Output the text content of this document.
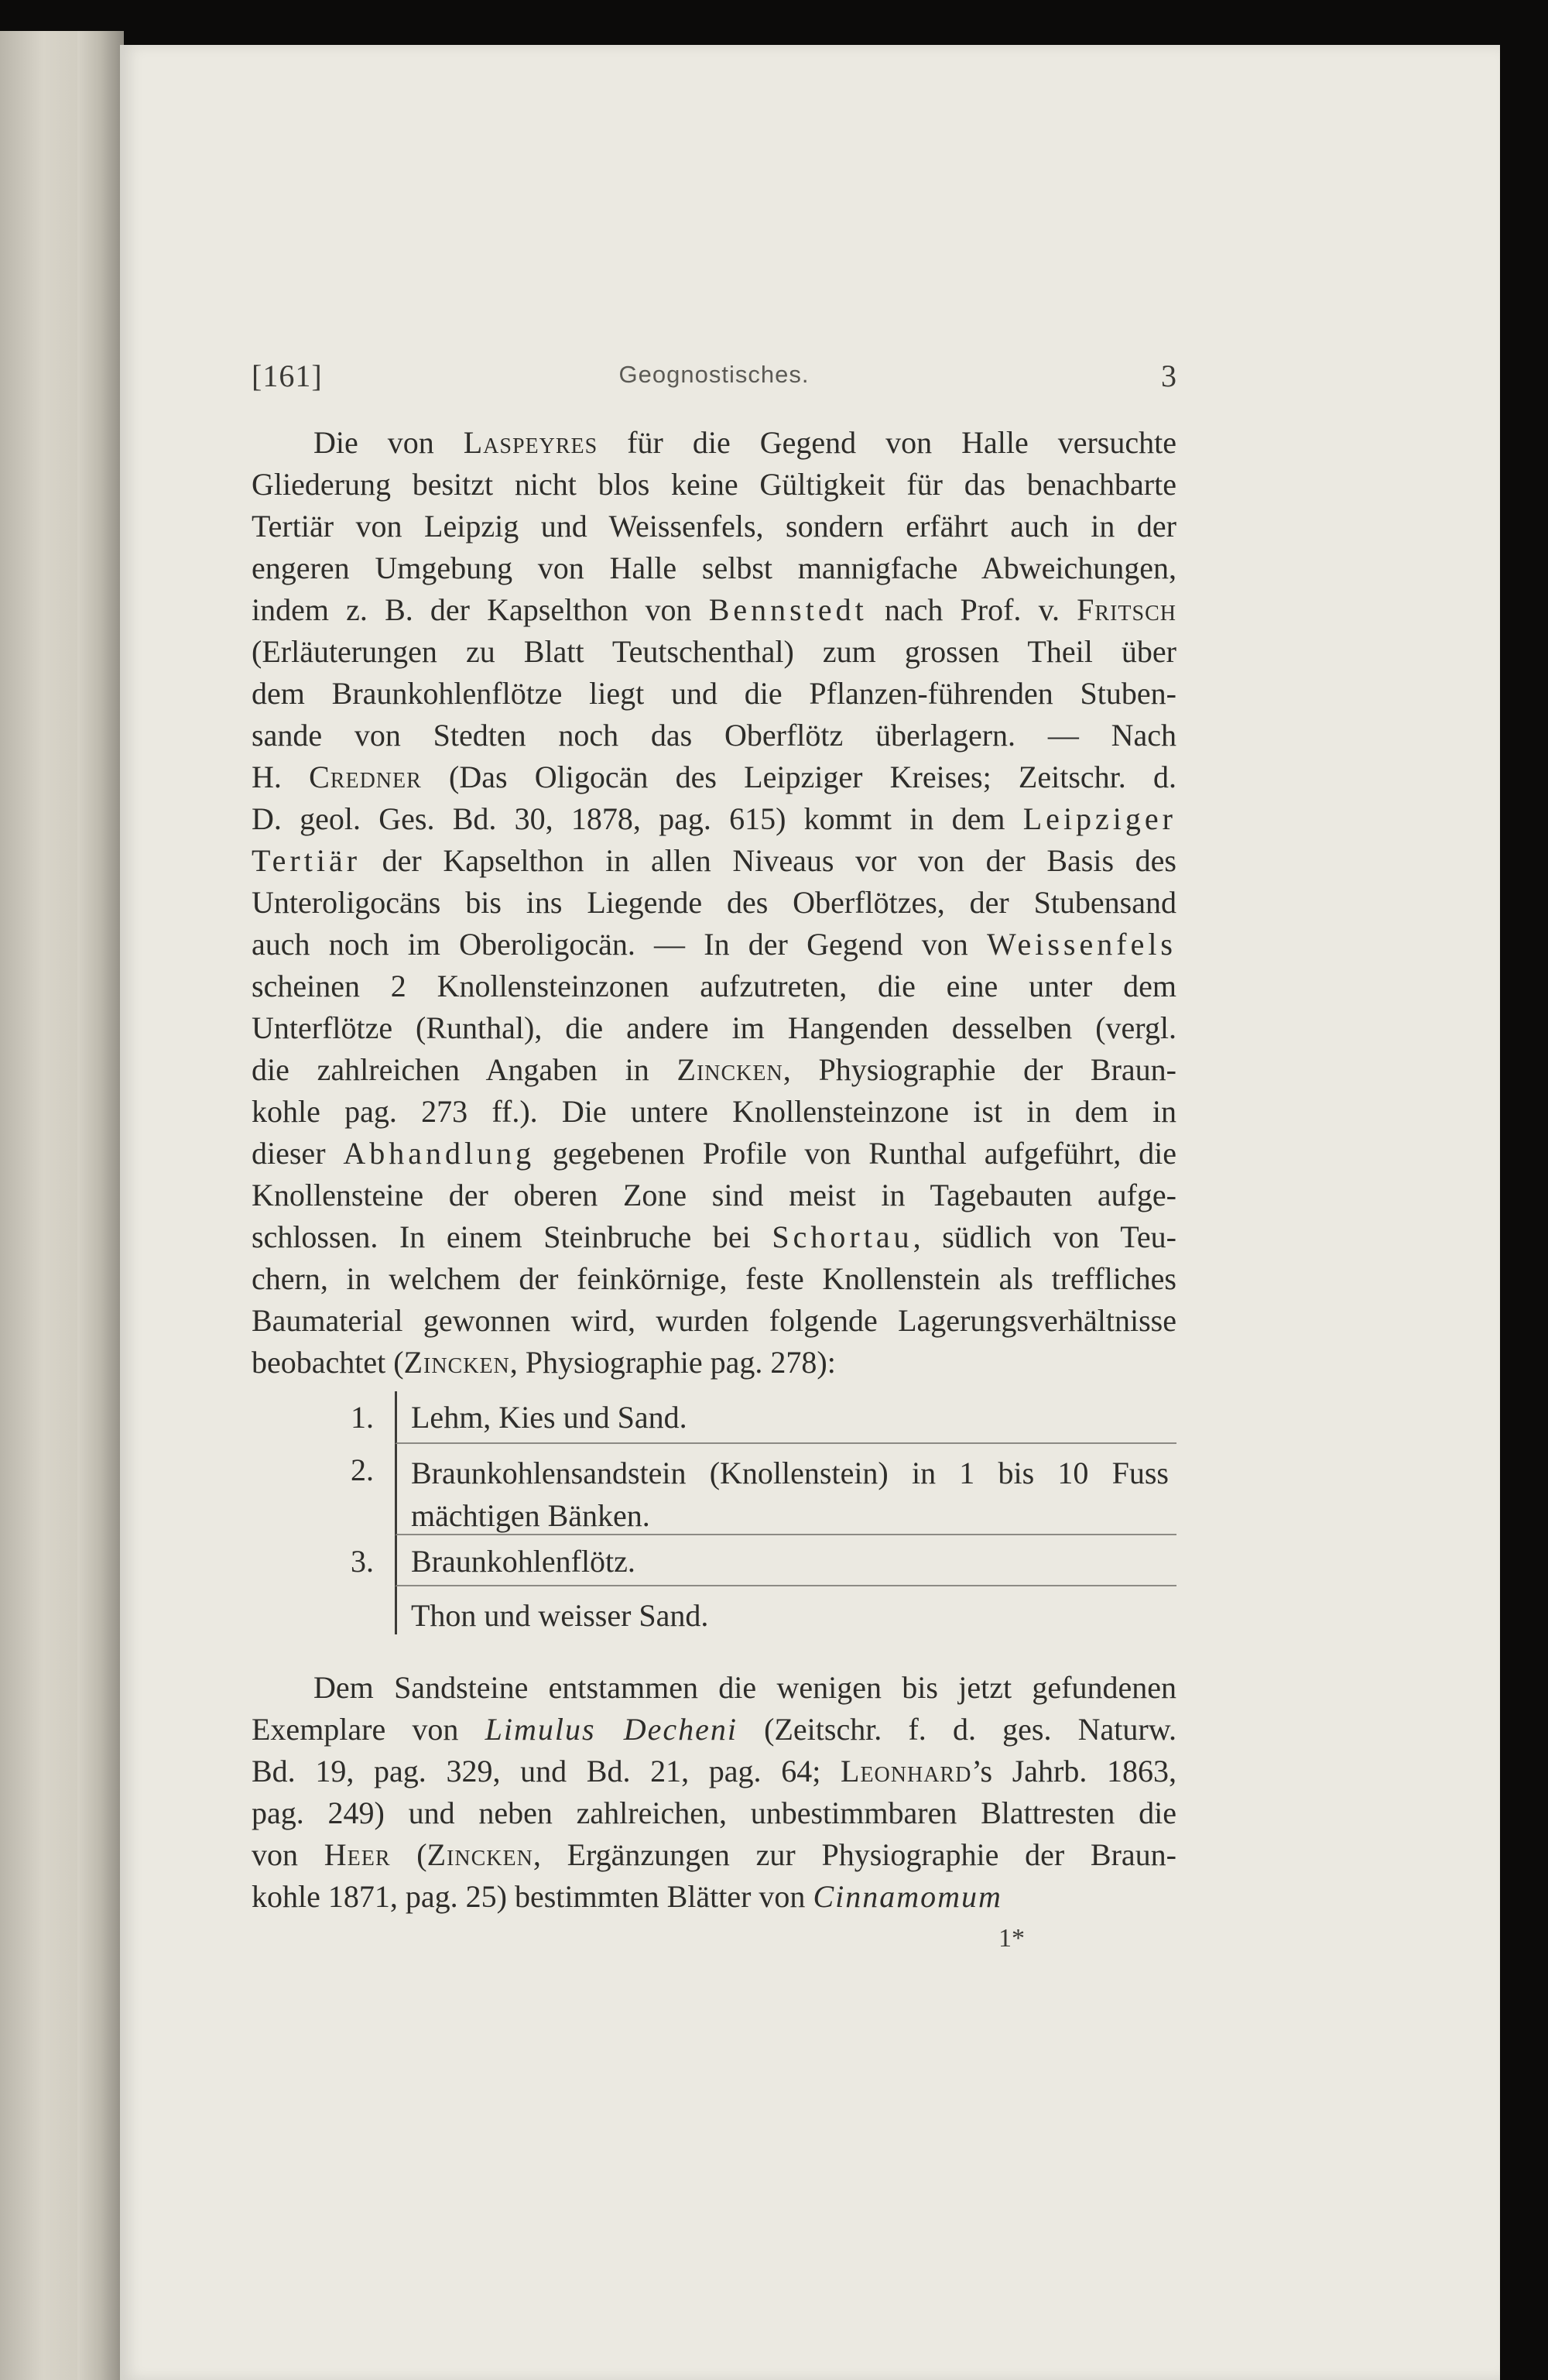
[161]	Geognostisches.	3
Die von Laspeyres für die Gegend von Halle versuchte
Gliederung besitzt nicht blos keine Gültigkeit für das benachbarte
Tertiär von Leipzig und Weissenfels, sondern erfährt auch in der
engeren Umgebung von Halle selbst mannigfache Abweichungen,
indem z. B. der Kapselthon von Bennstedt nach Prof. v. Fritsch
(Erläuterungen zu Blatt Teutschenthal) zum grossen Theil über
dem Braunkohlenflötze liegt und die Pflanzen-führenden Stuben-
sande von Stedten noch das Oberflötz überlagern. — Nach
H. Credner (Das Oligocän des Leipziger Kreises; Zeitschr. d.
D. geol. Ges. Bd. 30, 1878, pag. 615) kommt in dem Leipziger
Tertiär der Kapselthon in allen Niveaus vor von der Basis des
Unteroligocäns bis ins Liegende des Oberflötzes, der Stubensand
auch noch im Oberoligocän. — In der Gegend von Weissenfels
scheinen 2 Knollensteinzonen aufzutreten, die eine unter dem
Unterflötze (Runthal), die andere im Hangenden desselben (vergl.
die zahlreichen Angaben in Zincken, Physiographie der Braun-
kohle pag. 273 ff.). Die untere Knollensteinzone ist in dem in
dieser Abhandlung gegebenen Profile von Runthal aufgeführt, die
Knollensteine der oberen Zone sind meist in Tagebauten aufge-
schlossen. In einem Steinbruche bei Schortau, südlich von Teu-
chern, in welchem der feinkörnige, feste Knollenstein als treffliches
Baumaterial gewonnen wird, wurden folgende Lagerungsverhältnisse
beobachtet (Zincken, Physiographie pag. 278):
1. Lehm, Kies und Sand.
2. Braunkohlensandstein (Knollenstein) in 1 bis 10 Fuss mächtigen Bänken.
3. Braunkohlenflötz.
Thon und weisser Sand.
Dem Sandsteine entstammen die wenigen bis jetzt gefundenen
Exemplare von Limulus Decheni (Zeitschr. f. d. ges. Naturw.
Bd. 19, pag. 329, und Bd. 21, pag. 64; Leonhard’s Jahrb. 1863,
pag. 249) und neben zahlreichen, unbestimmbaren Blattresten die
von Heer (Zincken, Ergänzungen zur Physiographie der Braun-
kohle 1871, pag. 25) bestimmten Blätter von Cinnamomum
1*
